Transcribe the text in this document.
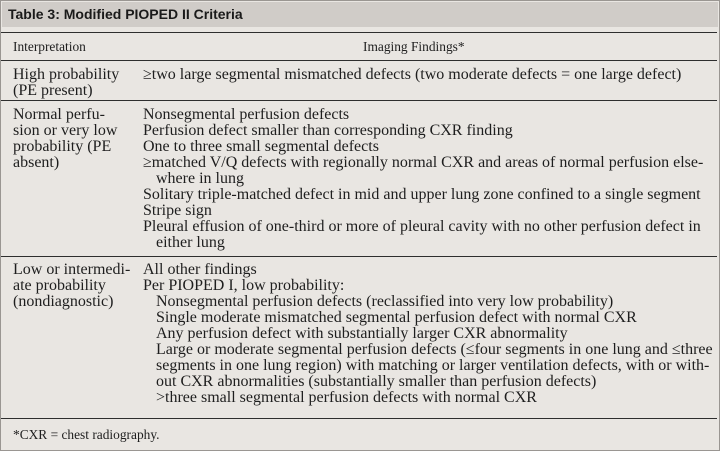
Table 3: Modified PIOPED II Criteria
Interpretation	Imaging Findings*
High probability
(PE present)
≥two large segmental mismatched defects (two moderate defects = one large defect)
Normal perfu-
sion or very low
probability (PE
absent)
Nonsegmental perfusion defects
Perfusion defect smaller than corresponding CXR finding
One to three small segmental defects
≥matched V/Q defects with regionally normal CXR and areas of normal perfusion else-
where in lung
Solitary triple-matched defect in mid and upper lung zone confined to a single segment
Stripe sign
Pleural effusion of one-third or more of pleural cavity with no other perfusion defect in
either lung
Low or intermedi-
ate probability
(nondiagnostic)
All other findings
Per PIOPED I, low probability:
Nonsegmental perfusion defects (reclassified into very low probability)
Single moderate mismatched segmental perfusion defect with normal CXR
Any perfusion defect with substantially larger CXR abnormality
Large or moderate segmental perfusion defects (≤four segments in one lung and ≤three
segments in one lung region) with matching or larger ventilation defects, with or with-
out CXR abnormalities (substantially smaller than perfusion defects)
>three small segmental perfusion defects with normal CXR
*CXR = chest radiography.
